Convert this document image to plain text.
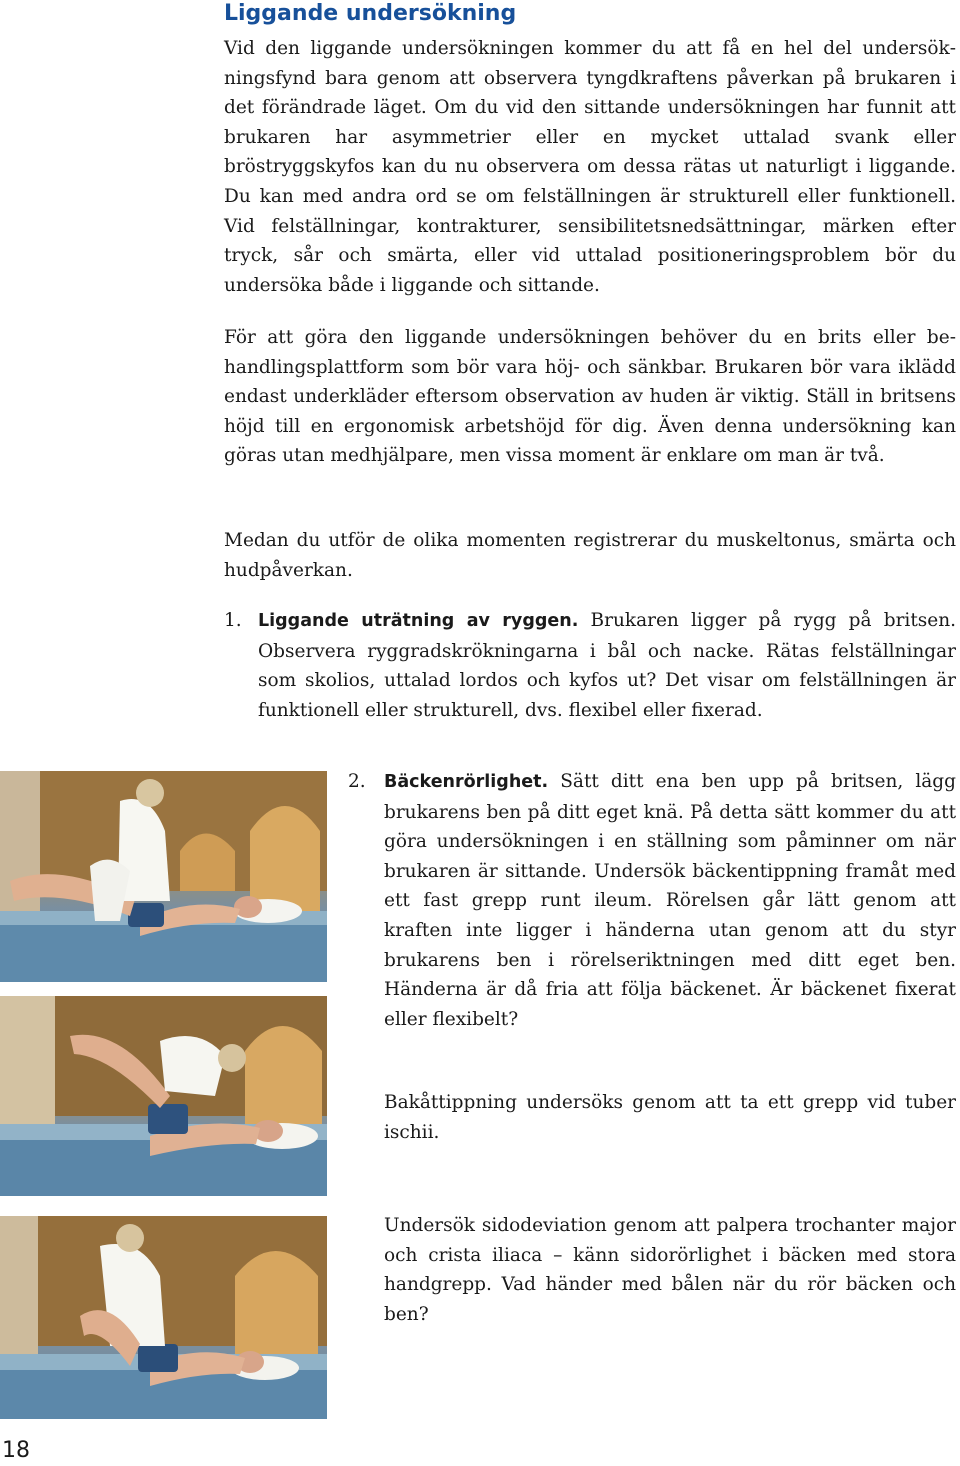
Liggande undersökning

Vid den liggande undersökningen kommer du att få en hel del undersökningsfynd bara genom att observera tyngdkraftens påverkan på brukaren i det förändrade läget. Om du vid den sittande undersökningen har funnit att brukaren har asymmetrier eller en mycket uttalad svank eller bröstryggskyfos kan du nu observera om dessa rätas ut naturligt i liggande. Du kan med andra ord se om felställningen är strukturell eller funktionell. Vid felställningar, kontrakturer, sensibilitetsnedsättningar, märken efter tryck, sår och smärta, eller vid uttalad positioneringsproblem bör du undersöka både i liggande och sittande.

För att göra den liggande undersökningen behöver du en brits eller behandlingsplattform som bör vara höj- och sänkbar. Brukaren bör vara iklädd endast underkläder eftersom observation av huden är viktig. Ställ in britsens höjd till en ergonomisk arbetshöjd för dig. Även denna undersökning kan göras utan medhjälpare, men vissa moment är enklare om man är två.

Medan du utför de olika momenten registrerar du muskeltonus, smärta och hudpåverkan.

1. Liggande uträtning av ryggen. Brukaren ligger på rygg på britsen. Observera ryggradskrökningarna i bål och nacke. Rätas felställningar som skolios, uttalad lordos och kyfos ut? Det visar om felställningen är funktionell eller strukturell, dvs. flexibel eller fixerad.

2. Bäckenrörlighet. Sätt ditt ena ben upp på britsen, lägg brukarens ben på ditt eget knä. På detta sätt kommer du att göra undersökningen i en ställning som påminner om när brukaren är sittande. Undersök bäckentippning framåt med ett fast grepp runt ileum. Rörelsen går lätt genom att kraften inte ligger i händerna utan genom att du styr brukarens ben i rörelseriktningen med ditt eget ben. Händerna är då fria att följa bäckenet. Är bäckenet fixerat eller flexibelt?

Bakåttippning undersöks genom att ta ett grepp vid tuber ischii.

Undersök sidodeviation genom att palpera trochanter major och crista iliaca – känn sidorörlighet i bäcken med stora handgrepp. Vad händer med bålen när du rör bäcken och ben?

18
